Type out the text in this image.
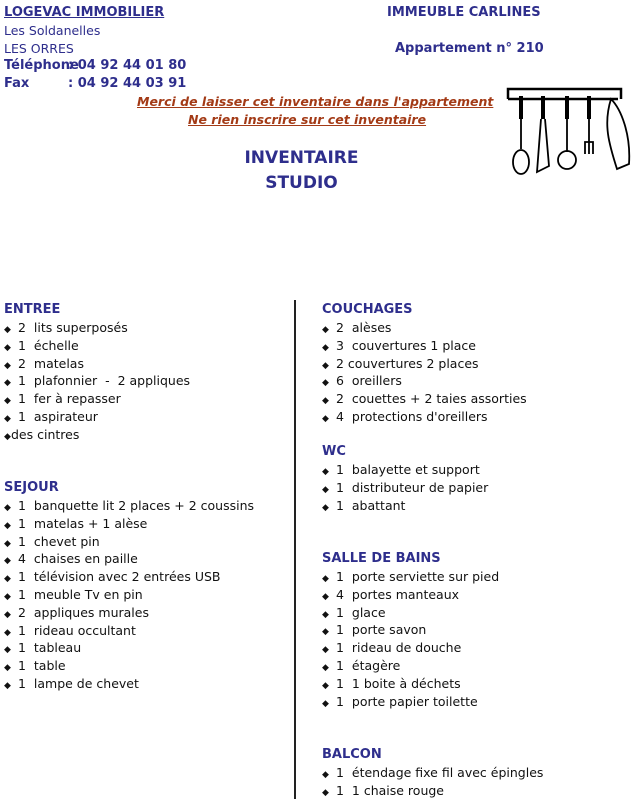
LOGEVAC IMMOBILIER
Les Soldanelles
LES ORRES
Téléphone
: 04 92 44 01 80
Fax	: 04 92 44 03 91
IMMEUBLE CARLINES
Appartement n° 210
Merci de laisser cet inventaire dans l'appartement
Ne rien inscrire sur cet inventaire
INVENTAIRE
STUDIO
ENTREE
◆ 2  lits superposés
◆ 1  échelle
◆ 2  matelas
◆ 1  plafonnier  -  2 appliques
◆ 1  fer à repasser
◆ 1  aspirateur
◆des cintres
SEJOUR
◆ 1  banquette lit 2 places + 2 coussins
◆ 1  matelas + 1 alèse
◆ 1  chevet pin
◆ 4  chaises en paille
◆ 1  télévision avec 2 entrées USB
◆ 1  meuble Tv en pin
◆ 2  appliques murales
◆ 1  rideau occultant
◆ 1  tableau
◆ 1  table
◆ 1  lampe de chevet
COUCHAGES
◆ 2  alèses
◆ 3  couvertures 1 place
◆ 2 couvertures 2 places
◆ 6  oreillers
◆ 2  couettes + 2 taies assorties
◆ 4  protections d'oreillers
WC
◆ 1  balayette et support
◆ 1  distributeur de papier
◆ 1  abattant
SALLE DE BAINS
◆ 1  porte serviette sur pied
◆ 4  portes manteaux
◆ 1  glace
◆ 1  porte savon
◆ 1  rideau de douche
◆ 1  étagère
◆ 1  1 boite à déchets
◆ 1  porte papier toilette
BALCON
◆ 1  étendage fixe fil avec épingles
◆ 1  1 chaise rouge
